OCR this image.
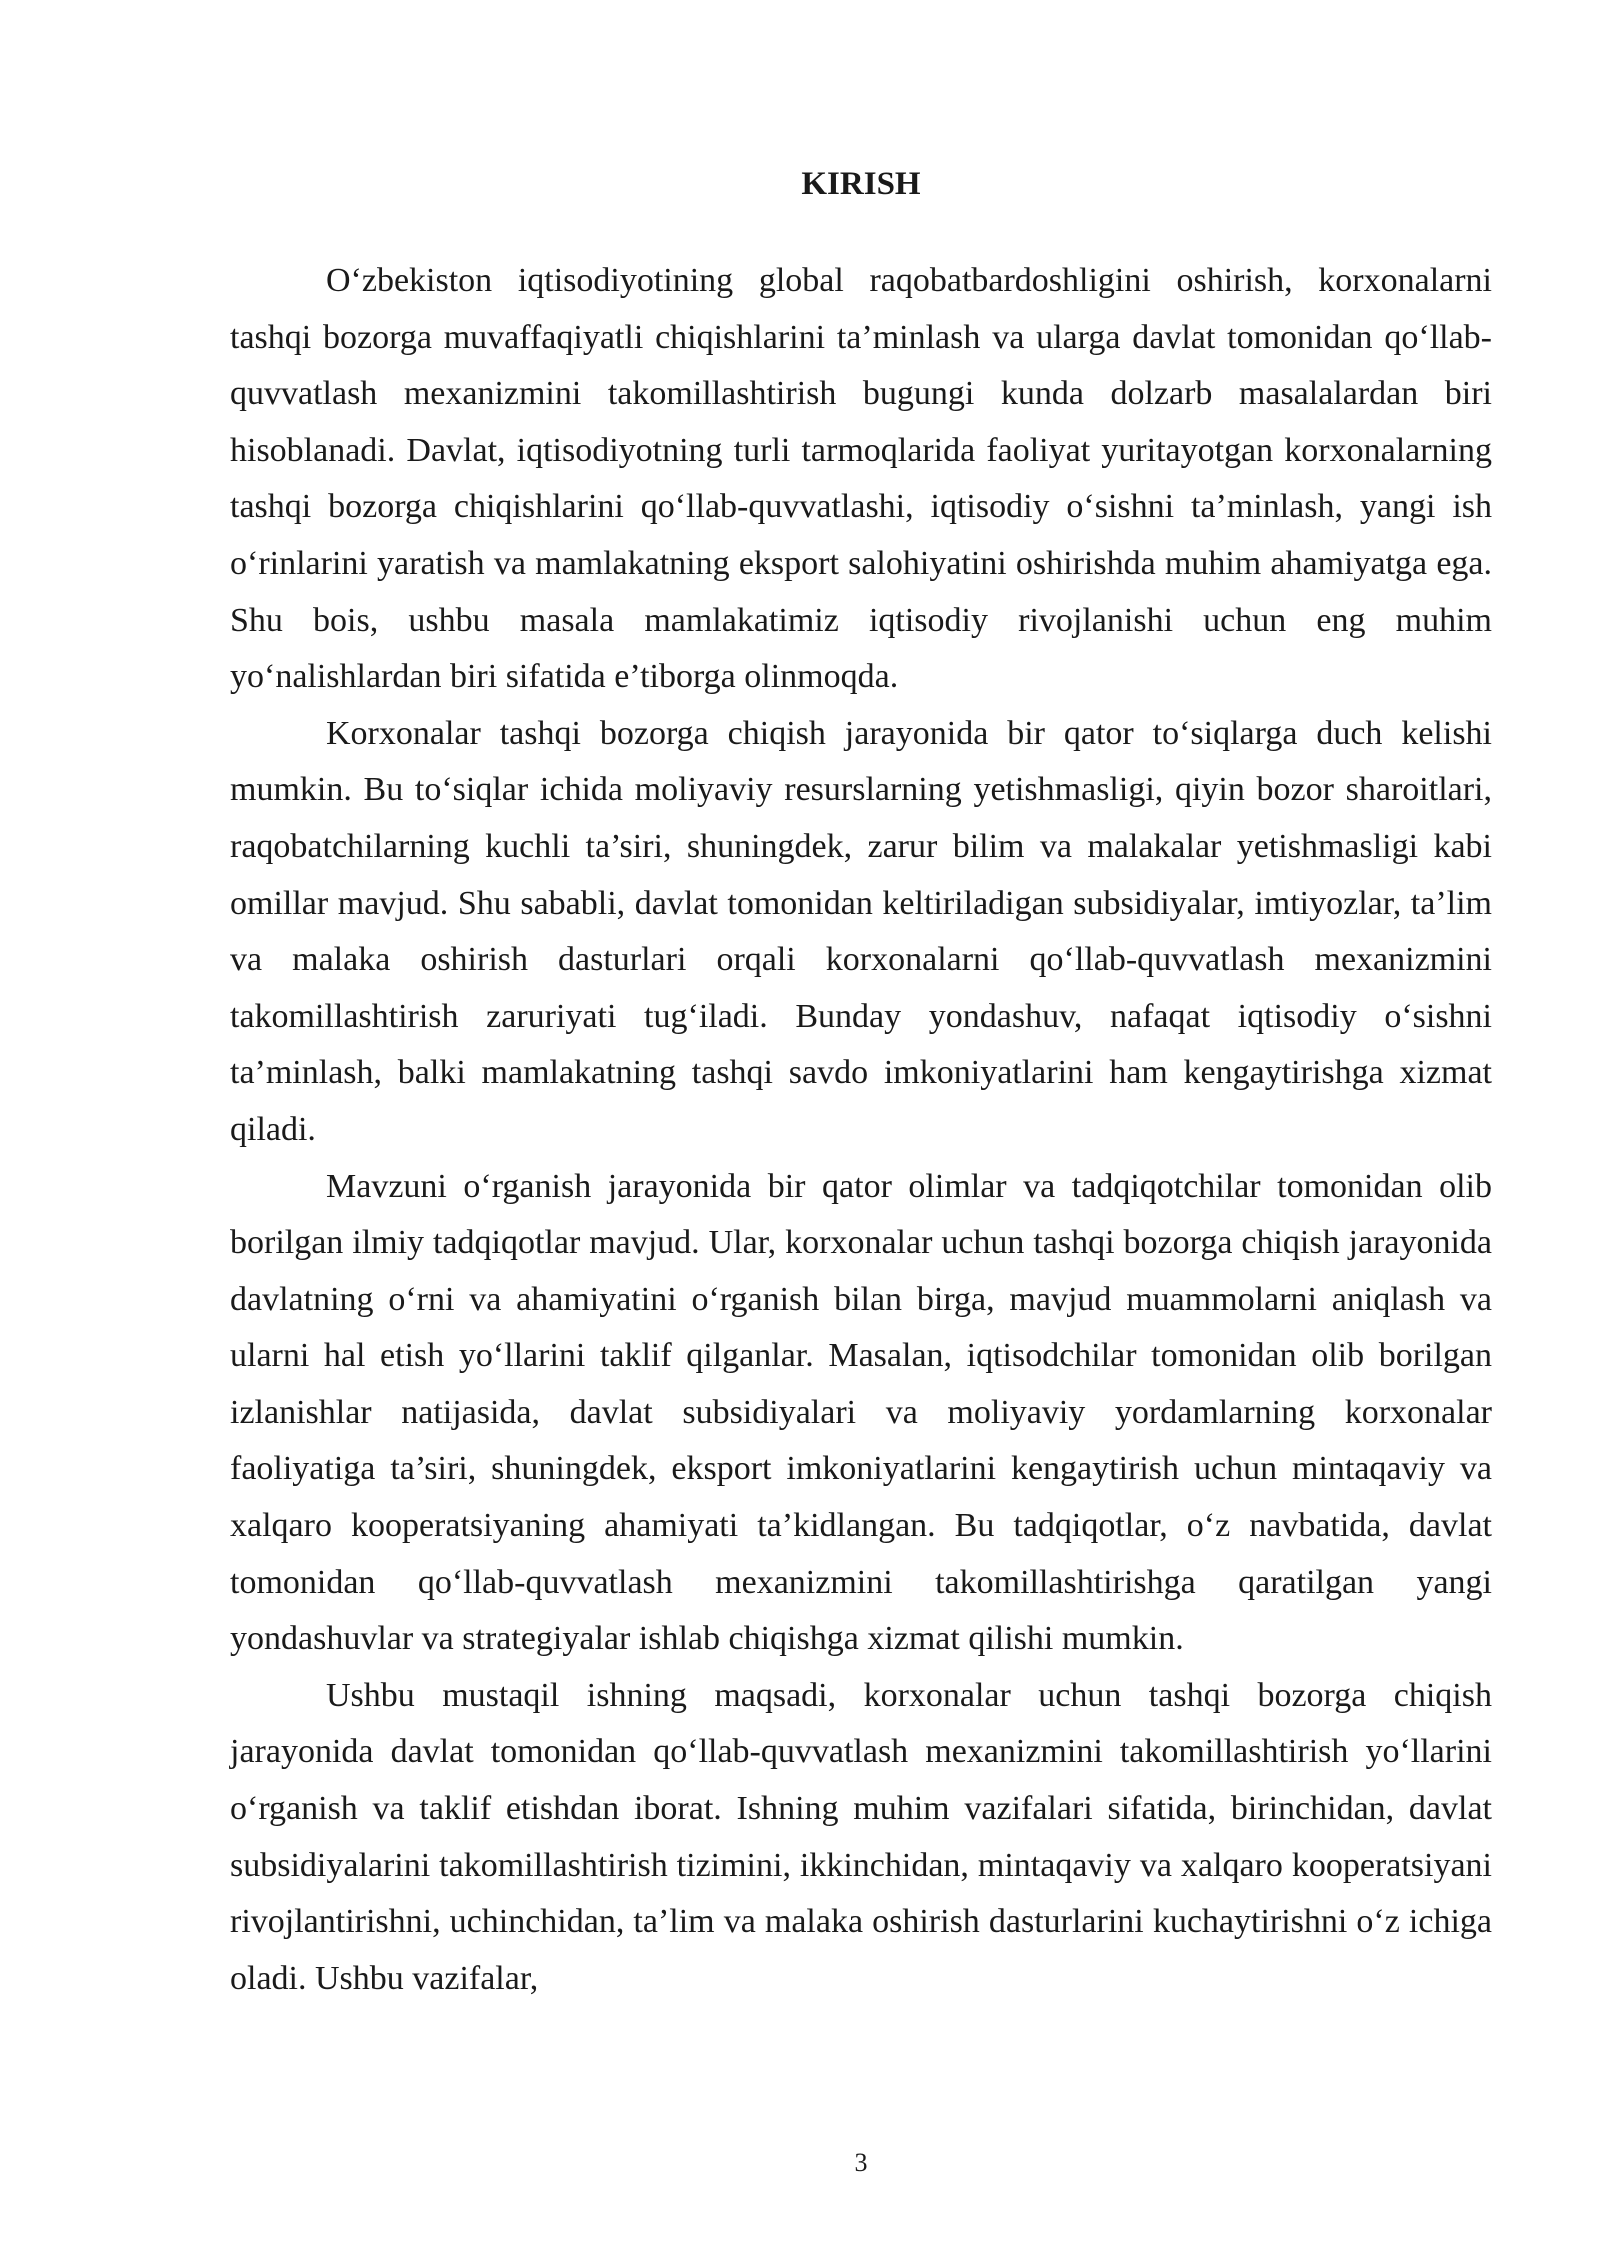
KIRISH

O‘zbekiston iqtisodiyotining global raqobatbardoshligini oshirish, korxonalarni tashqi bozorga muvaffaqiyatli chiqishlarini ta’minlash va ularga davlat tomonidan qo‘llab-quvvatlash mexanizmini takomillashtirish bugungi kunda dolzarb masalalardan biri hisoblanadi. Davlat, iqtisodiyotning turli tarmoqlarida faoliyat yuritayotgan korxonalarning tashqi bozorga chiqishlarini qo‘llab-quvvatlashi, iqtisodiy o‘sishni ta’minlash, yangi ish o‘rinlarini yaratish va mamlakatning eksport salohiyatini oshirishda muhim ahamiyatga ega. Shu bois, ushbu masala mamlakatimiz iqtisodiy rivojlanishi uchun eng muhim yo‘nalishlardan biri sifatida e’tiborga olinmoqda.

Korxonalar tashqi bozorga chiqish jarayonida bir qator to‘siqlarga duch kelishi mumkin. Bu to‘siqlar ichida moliyaviy resurslarning yetishmasligi, qiyin bozor sharoitlari, raqobatchilarning kuchli ta’siri, shuningdek, zarur bilim va malakalar yetishmasligi kabi omillar mavjud. Shu sababli, davlat tomonidan keltiriladigan subsidiyalar, imtiyozlar, ta’lim va malaka oshirish dasturlari orqali korxonalarni qo‘llab-quvvatlash mexanizmini takomillashtirish zaruriyati tug‘iladi. Bunday yondashuv, nafaqat iqtisodiy o‘sishni ta’minlash, balki mamlakatning tashqi savdo imkoniyatlarini ham kengaytirishga xizmat qiladi.

Mavzuni o‘rganish jarayonida bir qator olimlar va tadqiqotchilar tomonidan olib borilgan ilmiy tadqiqotlar mavjud. Ular, korxonalar uchun tashqi bozorga chiqish jarayonida davlatning o‘rni va ahamiyatini o‘rganish bilan birga, mavjud muammolarni aniqlash va ularni hal etish yo‘llarini taklif qilganlar. Masalan, iqtisodchilar tomonidan olib borilgan izlanishlar natijasida, davlat subsidiyalari va moliyaviy yordamlarning korxonalar faoliyatiga ta’siri, shuningdek, eksport imkoniyatlarini kengaytirish uchun mintaqaviy va xalqaro kooperatsiyaning ahamiyati ta’kidlangan. Bu tadqiqotlar, o‘z navbatida, davlat tomonidan qo‘llab-quvvatlash mexanizmini takomillashtirishga qaratilgan yangi yondashuvlar va strategiyalar ishlab chiqishga xizmat qilishi mumkin.

Ushbu mustaqil ishning maqsadi, korxonalar uchun tashqi bozorga chiqish jarayonida davlat tomonidan qo‘llab-quvvatlash mexanizmini takomillashtirish yo‘llarini o‘rganish va taklif etishdan iborat. Ishning muhim vazifalari sifatida, birinchidan, davlat subsidiyalarini takomillashtirish tizimini, ikkinchidan, mintaqaviy va xalqaro kooperatsiyani rivojlantirishni, uchinchidan, ta’lim va malaka oshirish dasturlarini kuchaytirishni o‘z ichiga oladi. Ushbu vazifalar,

3
